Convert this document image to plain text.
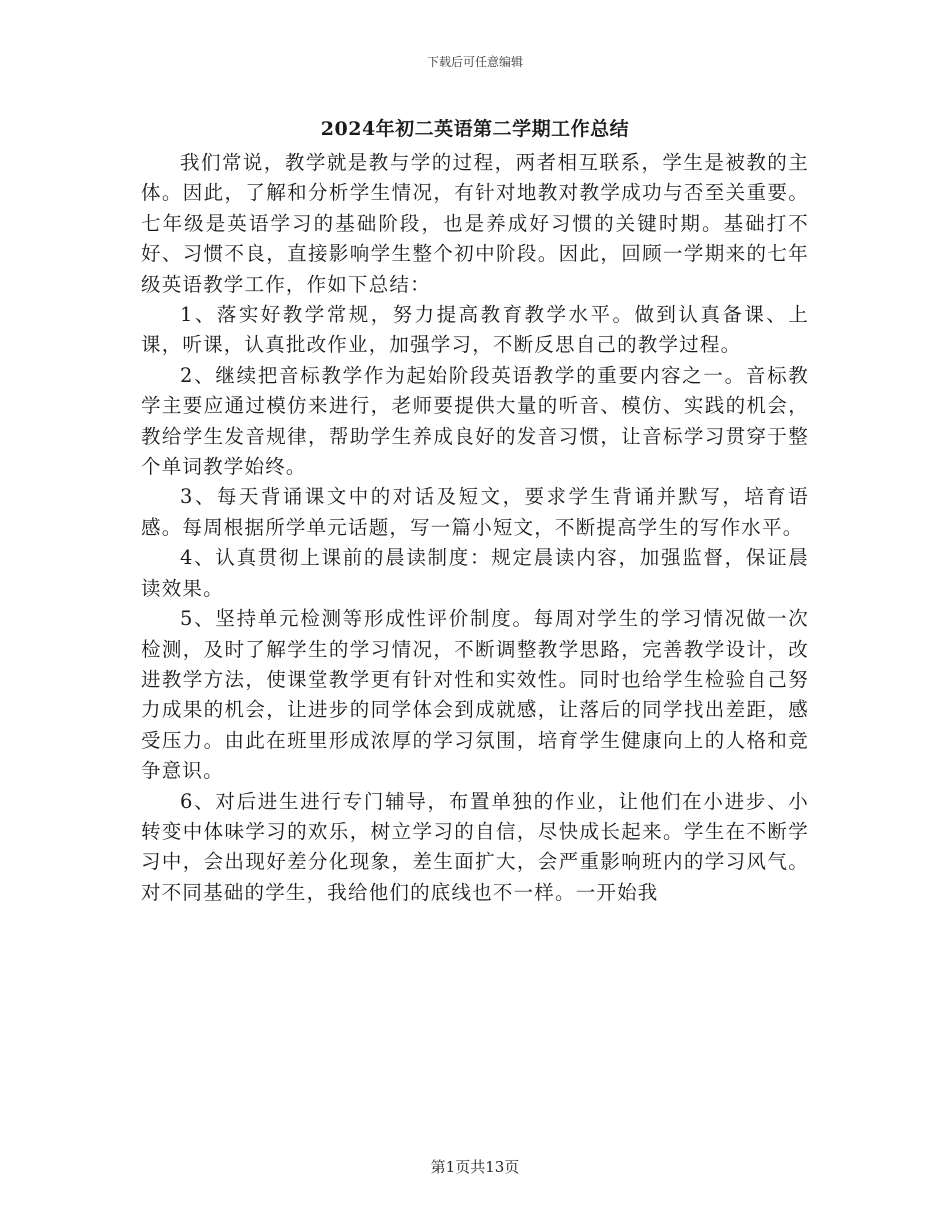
下载后可任意编辑
2024年初二英语第二学期工作总结

我们常说，教学就是教与学的过程，两者相互联系，学生是被教的主体。因此，了解和分析学生情况，有针对地教对教学成功与否至关重要。七年级是英语学习的基础阶段，也是养成好习惯的关键时期。基础打不好、习惯不良，直接影响学生整个初中阶段。因此，回顾一学期来的七年级英语教学工作，作如下总结：

1、落实好教学常规，努力提高教育教学水平。做到认真备课、上课，听课，认真批改作业，加强学习，不断反思自己的教学过程。

2、继续把音标教学作为起始阶段英语教学的重要内容之一。音标教学主要应通过模仿来进行，老师要提供大量的听音、模仿、实践的机会，教给学生发音规律，帮助学生养成良好的发音习惯，让音标学习贯穿于整个单词教学始终。

3、每天背诵课文中的对话及短文，要求学生背诵并默写，培育语感。每周根据所学单元话题，写一篇小短文，不断提高学生的写作水平。

4、认真贯彻上课前的晨读制度：规定晨读内容，加强监督，保证晨读效果。

5、坚持单元检测等形成性评价制度。每周对学生的学习情况做一次检测，及时了解学生的学习情况，不断调整教学思路，完善教学设计，改进教学方法，使课堂教学更有针对性和实效性。同时也给学生检验自己努力成果的机会，让进步的同学体会到成就感，让落后的同学找出差距，感受压力。由此在班里形成浓厚的学习氛围，培育学生健康向上的人格和竞争意识。

6、对后进生进行专门辅导，布置单独的作业，让他们在小进步、小转变中体味学习的欢乐，树立学习的自信，尽快成长起来。学生在不断学习中，会出现好差分化现象，差生面扩大，会严重影响班内的学习风气。对不同基础的学生，我给他们的底线也不一样。一开始我

第1页共13页
